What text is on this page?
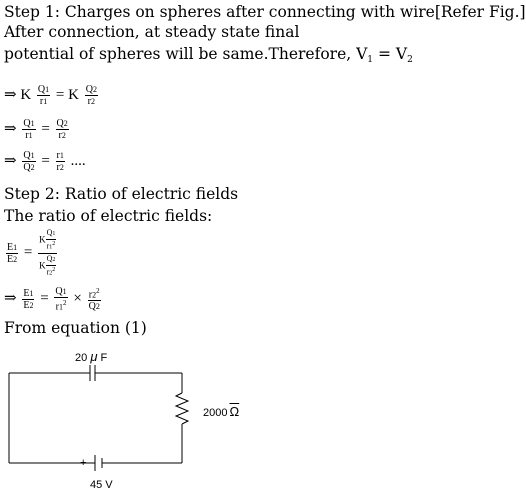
Step 1: Charges on spheres after connecting with wire[Refer Fig.]
After connection, at steady state final
potential of spheres will be same.Therefore, $V_1 = V_2$
⇒ K $\frac{Q1}{r1} = K \frac{Q2}{r2}$
⇒ $\frac{Q1}{r1} = \frac{Q2}{r2}$
⇒ $\frac{Q1}{Q2} = \frac{r1}{r2}$ ....
Step 2: Ratio of electric fields
The ratio of electric fields:
$\frac{E1}{E2} = \frac{K \frac{Q1}{r1^2}}{K \frac{Q2}{r2^2}}$
⇒ $\frac{E1}{E2} = \frac{Q1}{r1^2} \times \frac{r2^2}{Q2}$
From equation (1)
20 μ F
2000 $\overline{\Omega}$
+ -
45 V
